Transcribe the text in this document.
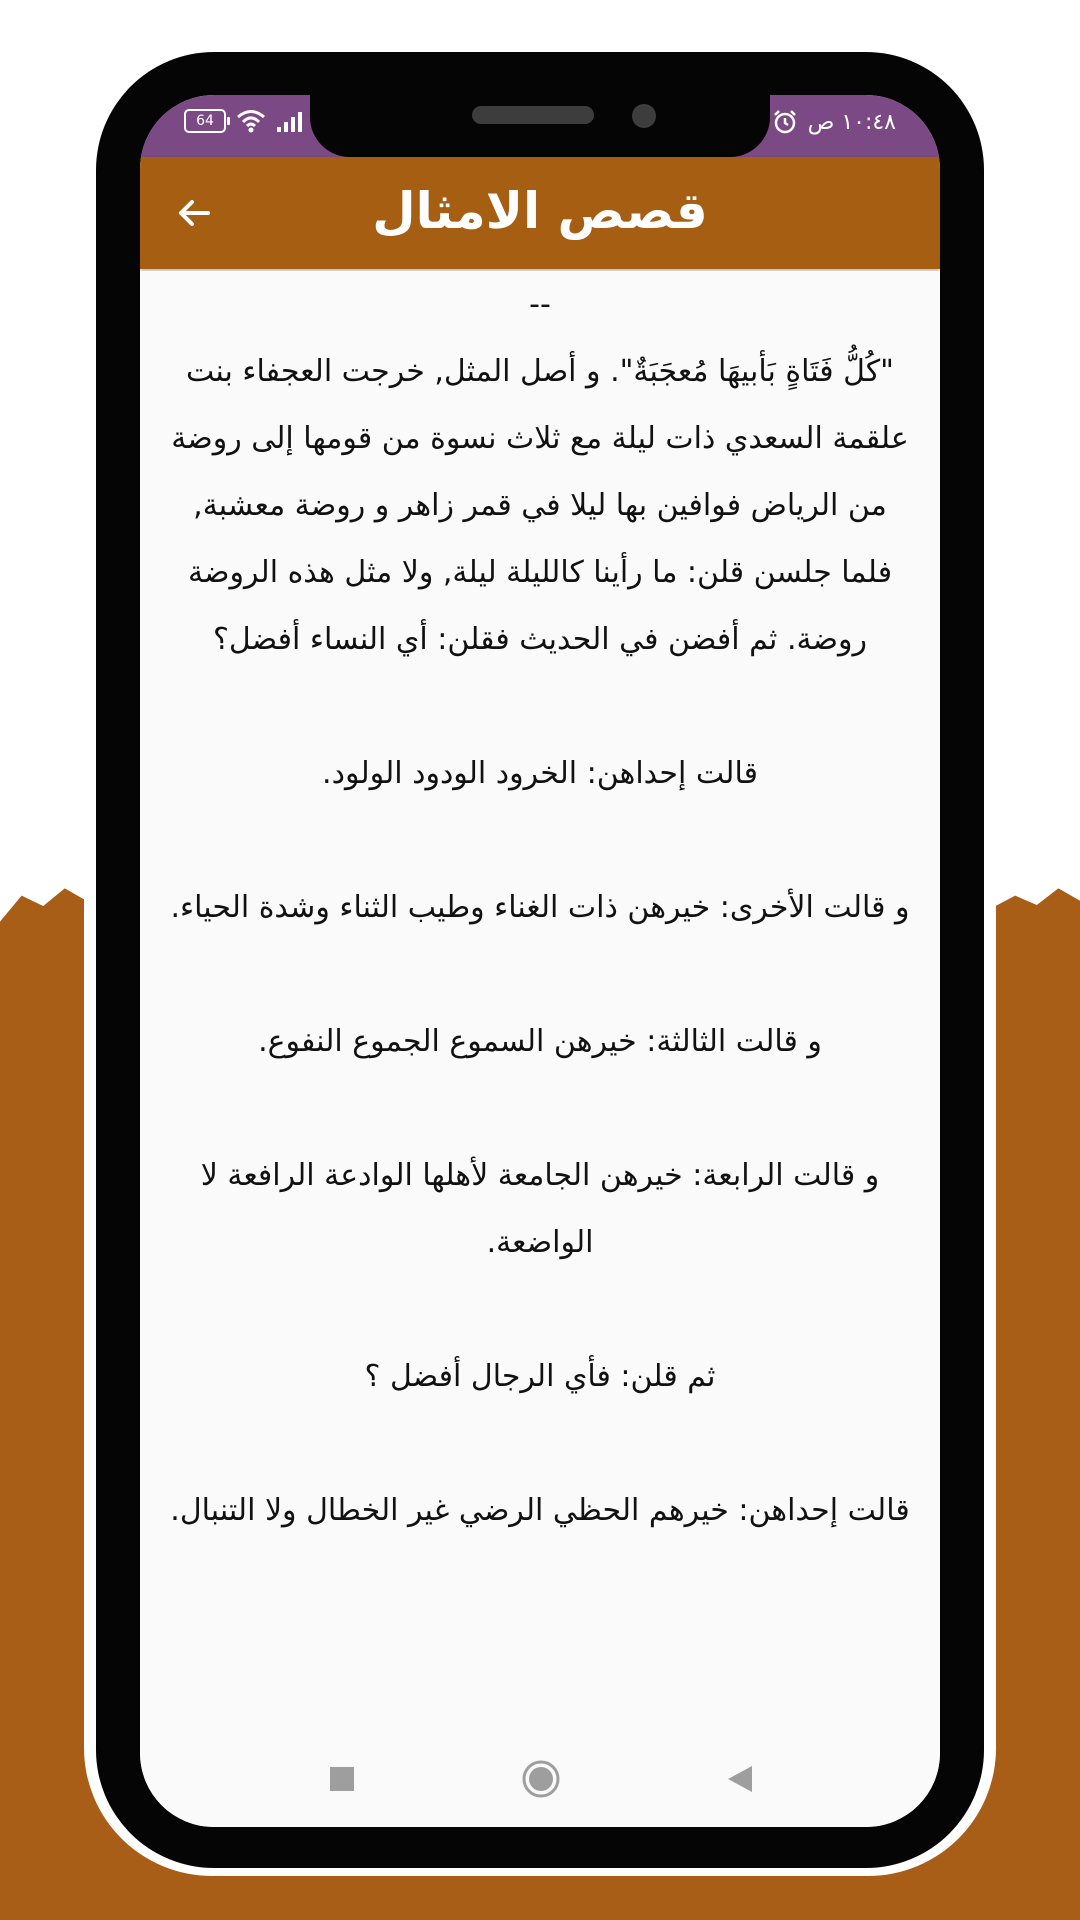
64	١٠:٤٨ ص
قصص الامثال
--
"كُلُّ فَتَاةٍ بَأبيهَا مُعجَبَةٌ". و أصل المثل, خرجت العجفاء بنت علقمة السعدي ذات ليلة مع ثلاث نسوة من قومها إلى روضة من الرياض فوافين بها ليلا في قمر زاهر و روضة معشبة, فلما جلسن قلن: ما رأينا كالليلة ليلة, ولا مثل هذه الروضة روضة. ثم أفضن في الحديث فقلن: أي النساء أفضل؟

قالت إحداهن: الخرود الودود الولود.

و قالت الأخرى: خيرهن ذات الغناء وطيب الثناء وشدة الحياء.

و قالت الثالثة: خيرهن السموع الجموع النفوع.

و قالت الرابعة: خيرهن الجامعة لأهلها الوادعة الرافعة لا الواضعة.

ثم قلن: فأي الرجال أفضل ؟

قالت إحداهن: خيرهم الحظي الرضي غير الخطال ولا التنبال.
